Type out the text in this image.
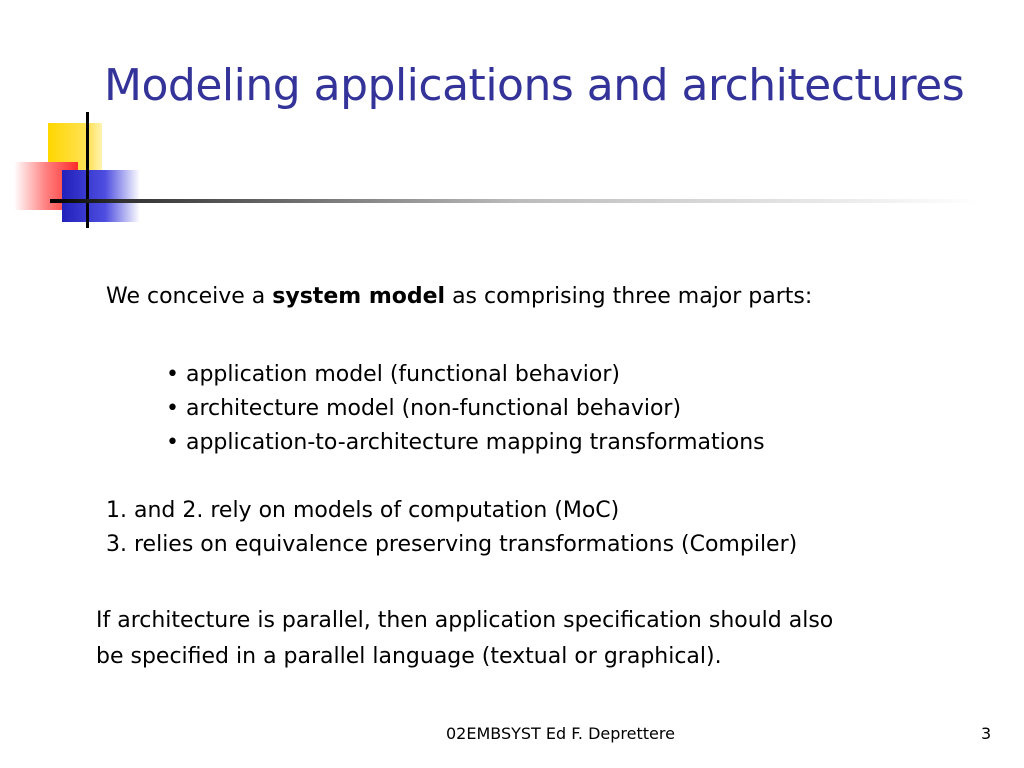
Modeling applications and architectures
We conceive a system model as comprising three major parts:
• application model (functional behavior)
• architecture model (non-functional behavior)
• application-to-architecture mapping transformations
1. and 2. rely on models of computation (MoC)
3. relies on equivalence preserving transformations (Compiler)
If architecture is parallel, then application specification should also
be specified in a parallel language (textual or graphical).
02EMBSYST Ed F. Deprettere	3
